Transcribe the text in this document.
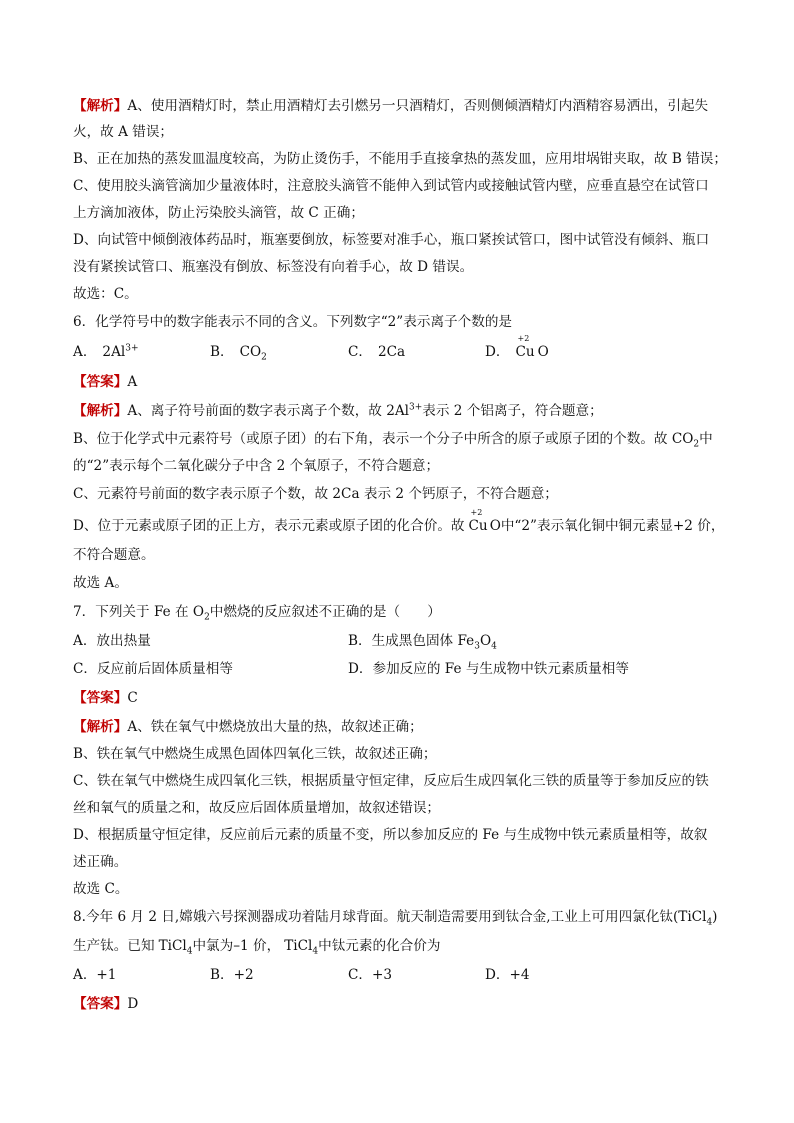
【解析】A、使用酒精灯时，禁止用酒精灯去引燃另一只酒精灯，否则侧倾酒精灯内酒精容易洒出，引起失
火，故 A 错误；
B、正在加热的蒸发皿温度较高，为防止烫伤手，不能用手直接拿热的蒸发皿，应用坩埚钳夹取，故 B 错误；
C、使用胶头滴管滴加少量液体时，注意胶头滴管不能伸入到试管内或接触试管内壁，应垂直悬空在试管口
上方滴加液体，防止污染胶头滴管，故 C 正确；
D、向试管中倾倒液体药品时，瓶塞要倒放，标签要对准手心，瓶口紧挨试管口，图中试管没有倾斜、瓶口
没有紧挨试管口、瓶塞没有倒放、标签没有向着手心，故 D 错误。
故选：C。
6．化学符号中的数字能表示不同的含义。下列数字“2”表示离子个数的是
A． $2Al^{3+}$	B． $CO_2$	C． 2Ca	D．
+2
Cu O
【答案】A
【解析】A、离子符号前面的数字表示离子个数，故 $2Al^{3+}$表示 2 个铝离子，符合题意；
B、位于化学式中元素符号（或原子团）的右下角，表示一个分子中所含的原子或原子团的个数。故 $CO_2$中
的“2”表示每个二氧化碳分子中含 2 个氧原子，不符合题意；
C、元素符号前面的数字表示原子个数，故 2Ca 表示 2 个钙原子，不符合题意；
D、位于元素或原子团的正上方，表示元素或原子团的化合价。故
+2
Cu O中“2”表示氧化铜中铜元素显+2 价，
不符合题意。
故选 A。
7．下列关于 Fe 在 $O_2$中燃烧的反应叙述不正确的是（　　）
A．放出热量	B．生成黑色固体 $Fe_3O_4$
C．反应前后固体质量相等	D．参加反应的 Fe 与生成物中铁元素质量相等
【答案】C
【解析】A、铁在氧气中燃烧放出大量的热，故叙述正确；
B、铁在氧气中燃烧生成黑色固体四氧化三铁，故叙述正确；
C、铁在氧气中燃烧生成四氧化三铁，根据质量守恒定律，反应后生成四氧化三铁的质量等于参加反应的铁
丝和氧气的质量之和，故反应后固体质量增加，故叙述错误；
D、根据质量守恒定律，反应前后元素的质量不变，所以参加反应的 Fe 与生成物中铁元素质量相等，故叙
述正确。
故选 C。
8.今年 6 月 2 日,嫦娥六号探测器成功着陆月球背面。航天制造需要用到钛合金,工业上可用四氯化钛(TiCl$_4$)
生产钛。已知 TiCl$_4$中氯为–1 价， TiCl$_4$中钛元素的化合价为
A．+1	B．+2	C．+3	D．+4
【答案】D
